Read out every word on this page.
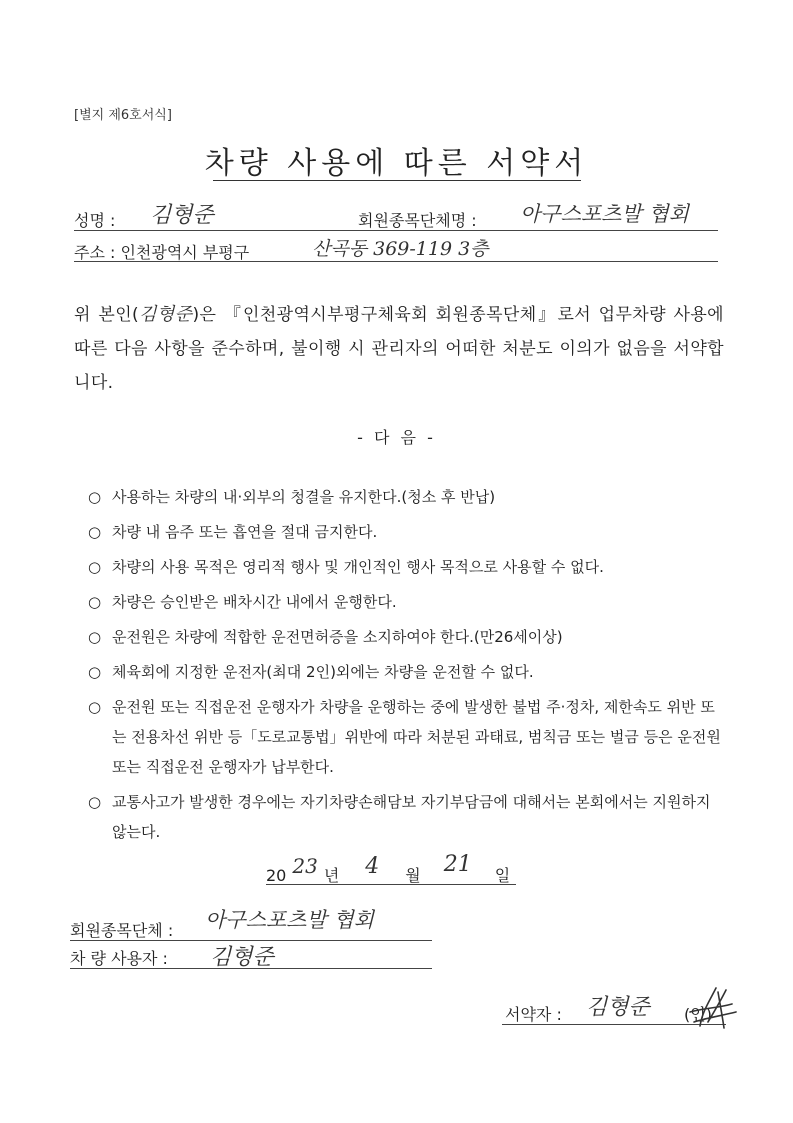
[별지 제6호서식]
차량 사용에 따른 서약서
성명 : 김형준	회원종목단체명 : 아구스포츠발 협회
주소 : 인천광역시 부평구	산곡동 369-119 3층
위 본인(김형준)은 『인천광역시부평구체육회 회원종목단체』로서 업무차량 사용에 따른 다음 사항을 준수하며, 불이행 시 관리자의 어떠한 처분도 이의가 없음을 서약합니다.
- 다 음 -
○ 사용하는 차량의 내·외부의 청결을 유지한다.(청소 후 반납)
○ 차량 내 음주 또는 흡연을 절대 금지한다.
○ 차량의 사용 목적은 영리적 행사 및 개인적인 행사 목적으로 사용할 수 없다.
○ 차량은 승인받은 배차시간 내에서 운행한다.
○ 운전원은 차량에 적합한 운전면허증을 소지하여야 한다.(만26세이상)
○ 체육회에 지정한 운전자(최대 2인)외에는 차량을 운전할 수 없다.
○ 운전원 또는 직접운전 운행자가 차량을 운행하는 중에 발생한 불법 주·정차, 제한속도 위반 또는 전용차선 위반 등「도로교통법」위반에 따라 처분된 과태료, 범칙금 또는 벌금 등은 운전원 또는 직접운전 운행자가 납부한다.
○ 교통사고가 발생한 경우에는 자기차량손해담보 자기부담금에 대해서는 본회에서는 지원하지 않는다.
20 23 년 4 월 21 일
회원종목단체 : 아구스포츠발 협회
차 량 사용자 : 김형준
서약자 : 김형준 (인)
